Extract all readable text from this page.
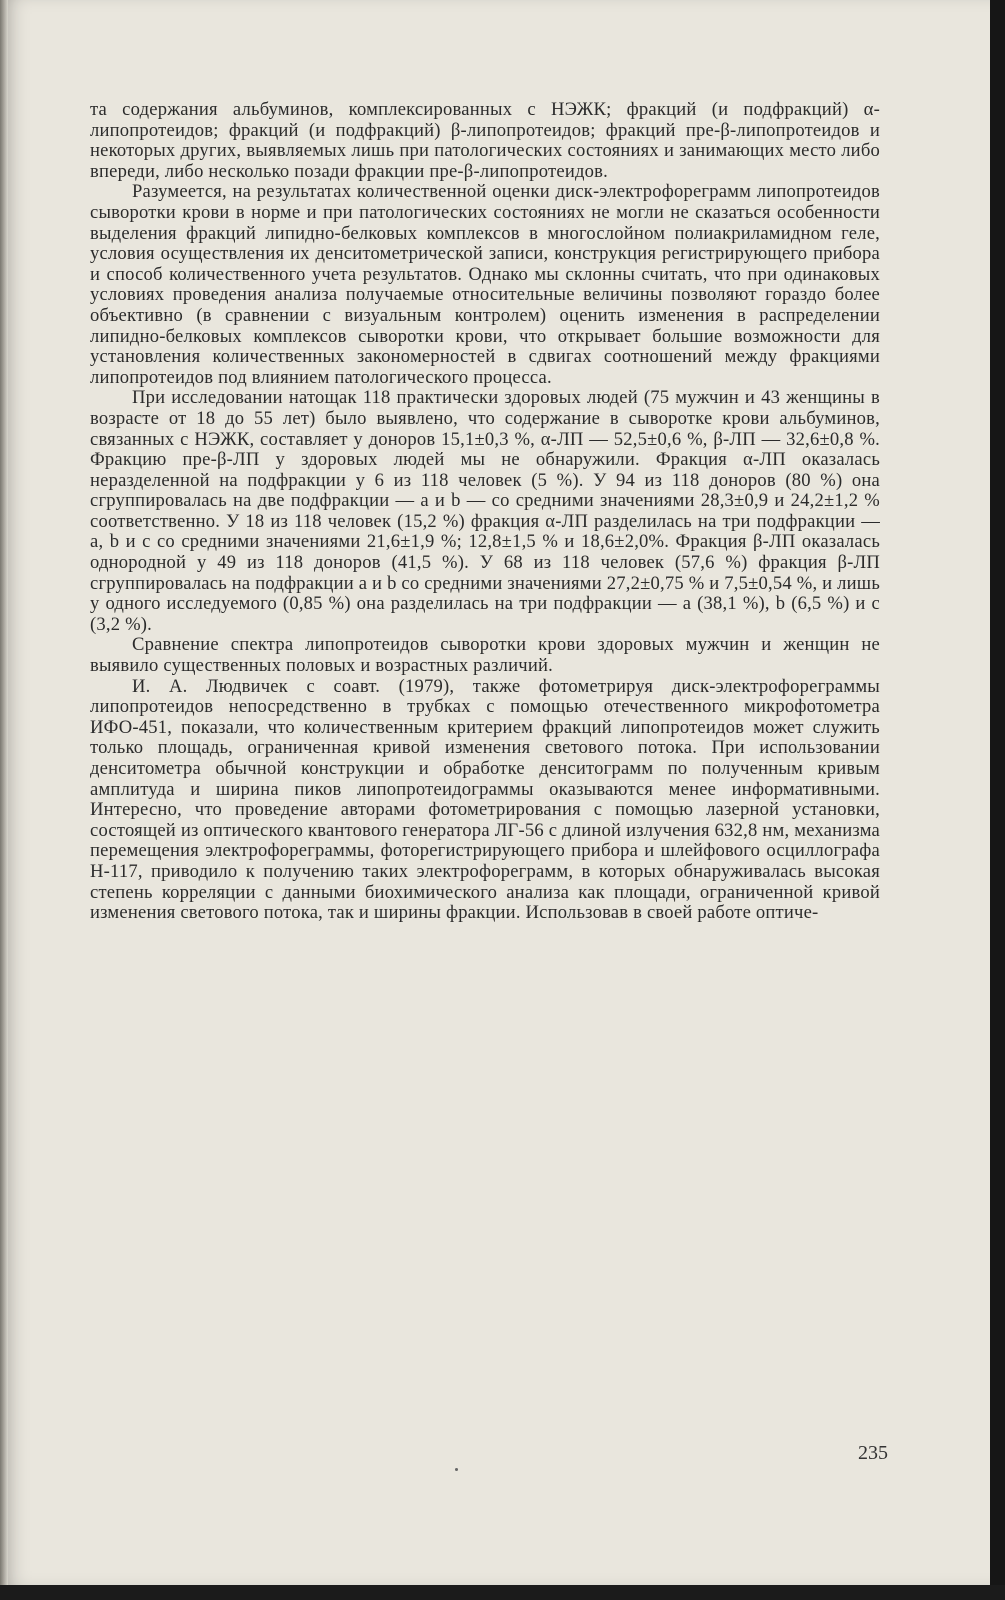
та содержания альбуминов, комплексированных с НЭЖК; фракций (и подфракций) α-липопротеидов; фракций (и подфракций) β-липопротеидов; фракций пре-β-липопротеидов и некоторых других, выявляемых лишь при патологических состояниях и занимающих место либо впереди, либо несколько позади фракции пре-β-липопротеидов.

Разумеется, на результатах количественной оценки диск-электрофореграмм липопротеидов сыворотки крови в норме и при патологических состояниях не могли не сказаться особенности выделения фракций липидно-белковых комплексов в многослойном полиакриламидном геле, условия осуществления их денситометрической записи, конструкция регистрирующего прибора и способ количественного учета результатов. Однако мы склонны считать, что при одинаковых условиях проведения анализа получаемые относительные величины позволяют гораздо более объективно (в сравнении с визуальным контролем) оценить изменения в распределении липидно-белковых комплексов сыворотки крови, что открывает большие возможности для установления количественных закономерностей в сдвигах соотношений между фракциями липопротеидов под влиянием патологического процесса.

При исследовании натощак 118 практически здоровых людей (75 мужчин и 43 женщины в возрасте от 18 до 55 лет) было выявлено, что содержание в сыворотке крови альбуминов, связанных с НЭЖК, составляет у доноров 15,1±0,3 %, α-ЛП — 52,5±0,6 %, β-ЛП — 32,6±0,8 %. Фракцию пре-β-ЛП у здоровых людей мы не обнаружили. Фракция α-ЛП оказалась неразделенной на подфракции у 6 из 118 человек (5 %). У 94 из 118 доноров (80 %) она сгруппировалась на две подфракции — а и b — со средними значениями 28,3±0,9 и 24,2±1,2 % соответственно. У 18 из 118 человек (15,2 %) фракция α-ЛП разделилась на три подфракции — а, b и с со средними значениями 21,6±1,9 %; 12,8±1,5 % и 18,6±2,0%. Фракция β-ЛП оказалась однородной у 49 из 118 доноров (41,5 %). У 68 из 118 человек (57,6 %) фракция β-ЛП сгруппировалась на подфракции а и b со средними значениями 27,2±0,75 % и 7,5±0,54 %, и лишь у одного исследуемого (0,85 %) она разделилась на три подфракции — а (38,1 %), b (6,5 %) и с (3,2 %).

Сравнение спектра липопротеидов сыворотки крови здоровых мужчин и женщин не выявило существенных половых и возрастных различий.

И. А. Людвичек с соавт. (1979), также фотометрируя диск-электрофореграммы липопротеидов непосредственно в трубках с помощью отечественного микрофотометра ИФО-451, показали, что количественным критерием фракций липопротеидов может служить только площадь, ограниченная кривой изменения светового потока. При использовании денситометра обычной конструкции и обработке денситограмм по полученным кривым амплитуда и ширина пиков липопротеидограммы оказываются менее информативными. Интересно, что проведение авторами фотометрирования с помощью лазерной установки, состоящей из оптического квантового генератора ЛГ-56 с длиной излучения 632,8 нм, механизма перемещения электрофореграммы, фоторегистрирующего прибора и шлейфового осциллографа Н-117, приводило к получению таких электрофореграмм, в которых обнаруживалась высокая степень корреляции с данными биохимического анализа как площади, ограниченной кривой изменения светового потока, так и ширины фракции. Использовав в своей работе оптиче-

235
